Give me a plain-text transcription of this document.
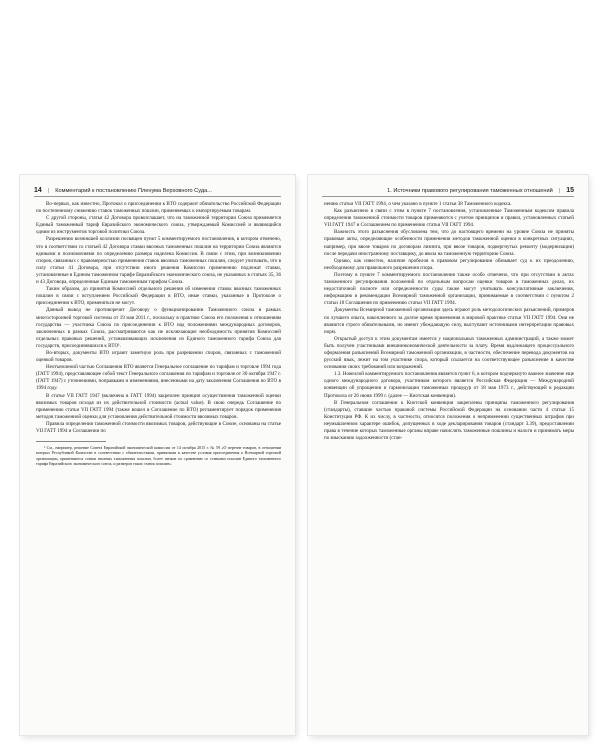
14 | Комментарий к постановлению Пленума Верховного Суда...

Во-первых, как известно, Протокол о присоединении к ВТО содержит обязательство Российской Федерации по постепенному снижению ставок таможенных пошлин, применяемых к импортируемым товарам.

С другой стороны, статья 42 Договора провозглашает, что на таможенной территории Союза применяется Единый таможенный тариф Евразийского экономического союза, утверждаемый Комиссией и являющийся одним из инструментов торговой политики Союза.

Разрешению возникшей коллизии посвящен пункт 5 комментируемого постановления, в котором отмечено, что в соответствии со статьей 42 Договора ставки ввозных таможенных пошлин на территории Союза являются едиными и полномочиями по определению размера наделена Комиссия. В связи с этим, при возникновении споров, связанных с правомерностью применения ставок ввозных таможенных пошлин, следует учитывать, что в силу статьи 41 Договора, при отсутствии иного решения Комиссии применению подлежат ставки, установленные в Едином таможенном тарифе Евразийского экономического союза, не указанных в статьях 35, 36 и 43 Договора, определенные Единым таможенным тарифом Союза.

Таким образом, до принятия Комиссией отдельного решения об изменении ставок ввозных таможенных пошлин в связи с вступлением Российской Федерации в ВТО, иные ставки, указанные в Протоколе о присоединении к ВТО, применяться не могут.

Данный вывод не противоречит Договору о функционировании Таможенного союза в рамках многосторонней торговой системы от 19 мая 2011 г., поскольку в практике Союза его положения к отношениям государства — участника Союза по присоединении к ВТО над положениями международных договоров, заключенных в рамках Союза, рассматриваются как не исключающие необходимость принятия Комиссией отдельных правовых решений, устанавливающих исключения из Единого таможенного тарифа Союза для государств, присоединившихся к ВТО¹.

Во-вторых, документы ВТО играют заметную роль при разрешении споров, связанных с таможенной оценкой товаров.

Неотъемлемой частью Соглашения ВТО является Генеральное соглашение по тарифам и торговле 1994 года (ГАТТ 1994), представляющее собой текст Генерального соглашения по тарифам и торговле от 30 октября 1947 г. (ГАТТ 1947) с уточнениями, поправками и изменениями, внесенными на дату заключения Соглашения по ВТО в 1994 году.

В статье VII ГАТТ 1947 (включена в ГАТТ 1994) закреплен принцип осуществления таможенной оценки ввозимых товаров исходя из их действительной стоимости (actual value). В свою очередь Соглашение по применению статьи VII ГАТТ 1994 (также вошел в Соглашение по ВТО) регламентирует порядок применения методов таможенной оценки для установления действительной стоимости ввозимых товаров.

Правила определения таможенной стоимости ввозимых товаров, действующие в Союзе, основаны на статье VII ГАТТ 1994 и Соглашении по

¹ См., например, решение Совета Евразийской экономической комиссии от 14 октября 2015 г. № 59 «О перечне товаров, в отношении которых Республикой Казахстан в соответствии с обязательствами, принятыми в качестве условия присоединения к Всемирной торговой организации, применяются ставки ввозных таможенных пошлин, более низкие по сравнению со ставками пошлин Единого таможенного тарифа Евразийского экономического союза, и размеров таких ставок пошлин».
1. Источники правового регулирования таможенных отношений | 15

нению статьи VII ГАТТ 1994, о чем указано в пункте 1 статьи 38 Таможенного кодекса.

Как разъяснено в связи с этим в пункте 7 постановления, установленные Таможенным кодексом правила определения таможенной стоимости товаров применяются с учетом принципов и правил, установленных статьей VII ГАТТ 1947 и Соглашением по применению статьи VII ГАТТ 1994.

Важность этого разъяснения обусловлена тем, что до настоящего времени на уровне Союза не приняты правовые акты, определяющие особенности применения методов таможенной оценки в конкретных ситуациях, например, при ввозе товаров по договорам лизинга, при ввозе товаров, подвергнутых ремонту (модернизации) после передачи иностранному поставщику, до ввоза на таможенную территорию Союза.

Однако, как известно, наличие пробелов в правовом регулировании обязывает суд к их преодолению, необходимому для правильного разрешения спора.

Поэтому в пункте 7 комментируемого постановления также особо отмечено, что при отсутствии в актах таможенного регулирования положений по отдельным вопросам оценки товаров в таможенных делах, их недостаточной полноте или определенности суды также могут учитывать консультативные заключения, информацию и рекомендации Всемирной таможенной организации, принимаемые в соответствии с пунктом 2 статьи 18 Соглашения по применению статьи VII ГАТТ 1994.

Документы Всемирной таможенной организации здесь играют роль методологических разъяснений, примеров по лучшего опыта, накопленного за долгое время применения в мировой практике статьи VII ГАТТ 1994. Они не являются строго обязательными, но имеют убеждающую силу, выступают источниками интерпретации правовых норм.

Открытый доступ к этим документам имеется у национальных таможенных администраций, а также может быть получен участниками внешнеэкономической деятельности за плату. Время надлежащего процессуального оформления разъяснений Всемирной таможенной организации, в частности, обеспечение перевода документов на русский язык, лежит на том участнике спора, который ссылается на соответствующее разъяснение в качестве основания своих требований или возражений.

1.3. Новеллой комментируемого постановления является пункт 6, в котором подчеркнуто важное значение еще одного международного договора, участником которого является Российская Федерация — Международной конвенции об упрощении и гармонизации таможенных процедур от 18 мая 1973 г., действующей в редакции Протокола от 26 июня 1999 г. (далее — Киотская конвенция).

В Генеральном соглашении к Киотской конвенции закреплены принципы таможенного регулирования (стандарты), ставшие частью правовой системы Российской Федерации на основании части 4 статьи 15 Конституции РФ. К их числу, в частности, относятся положения о неприменении существенных штрафов при неумышленном характере ошибок, допущенных в ходе декларирования товаров (стандарт 3.39), предоставлении права в течение которых таможенные органы вправе начислять таможенные пошлины и налоги и принимать меры по взысканию задолженности (стан-
